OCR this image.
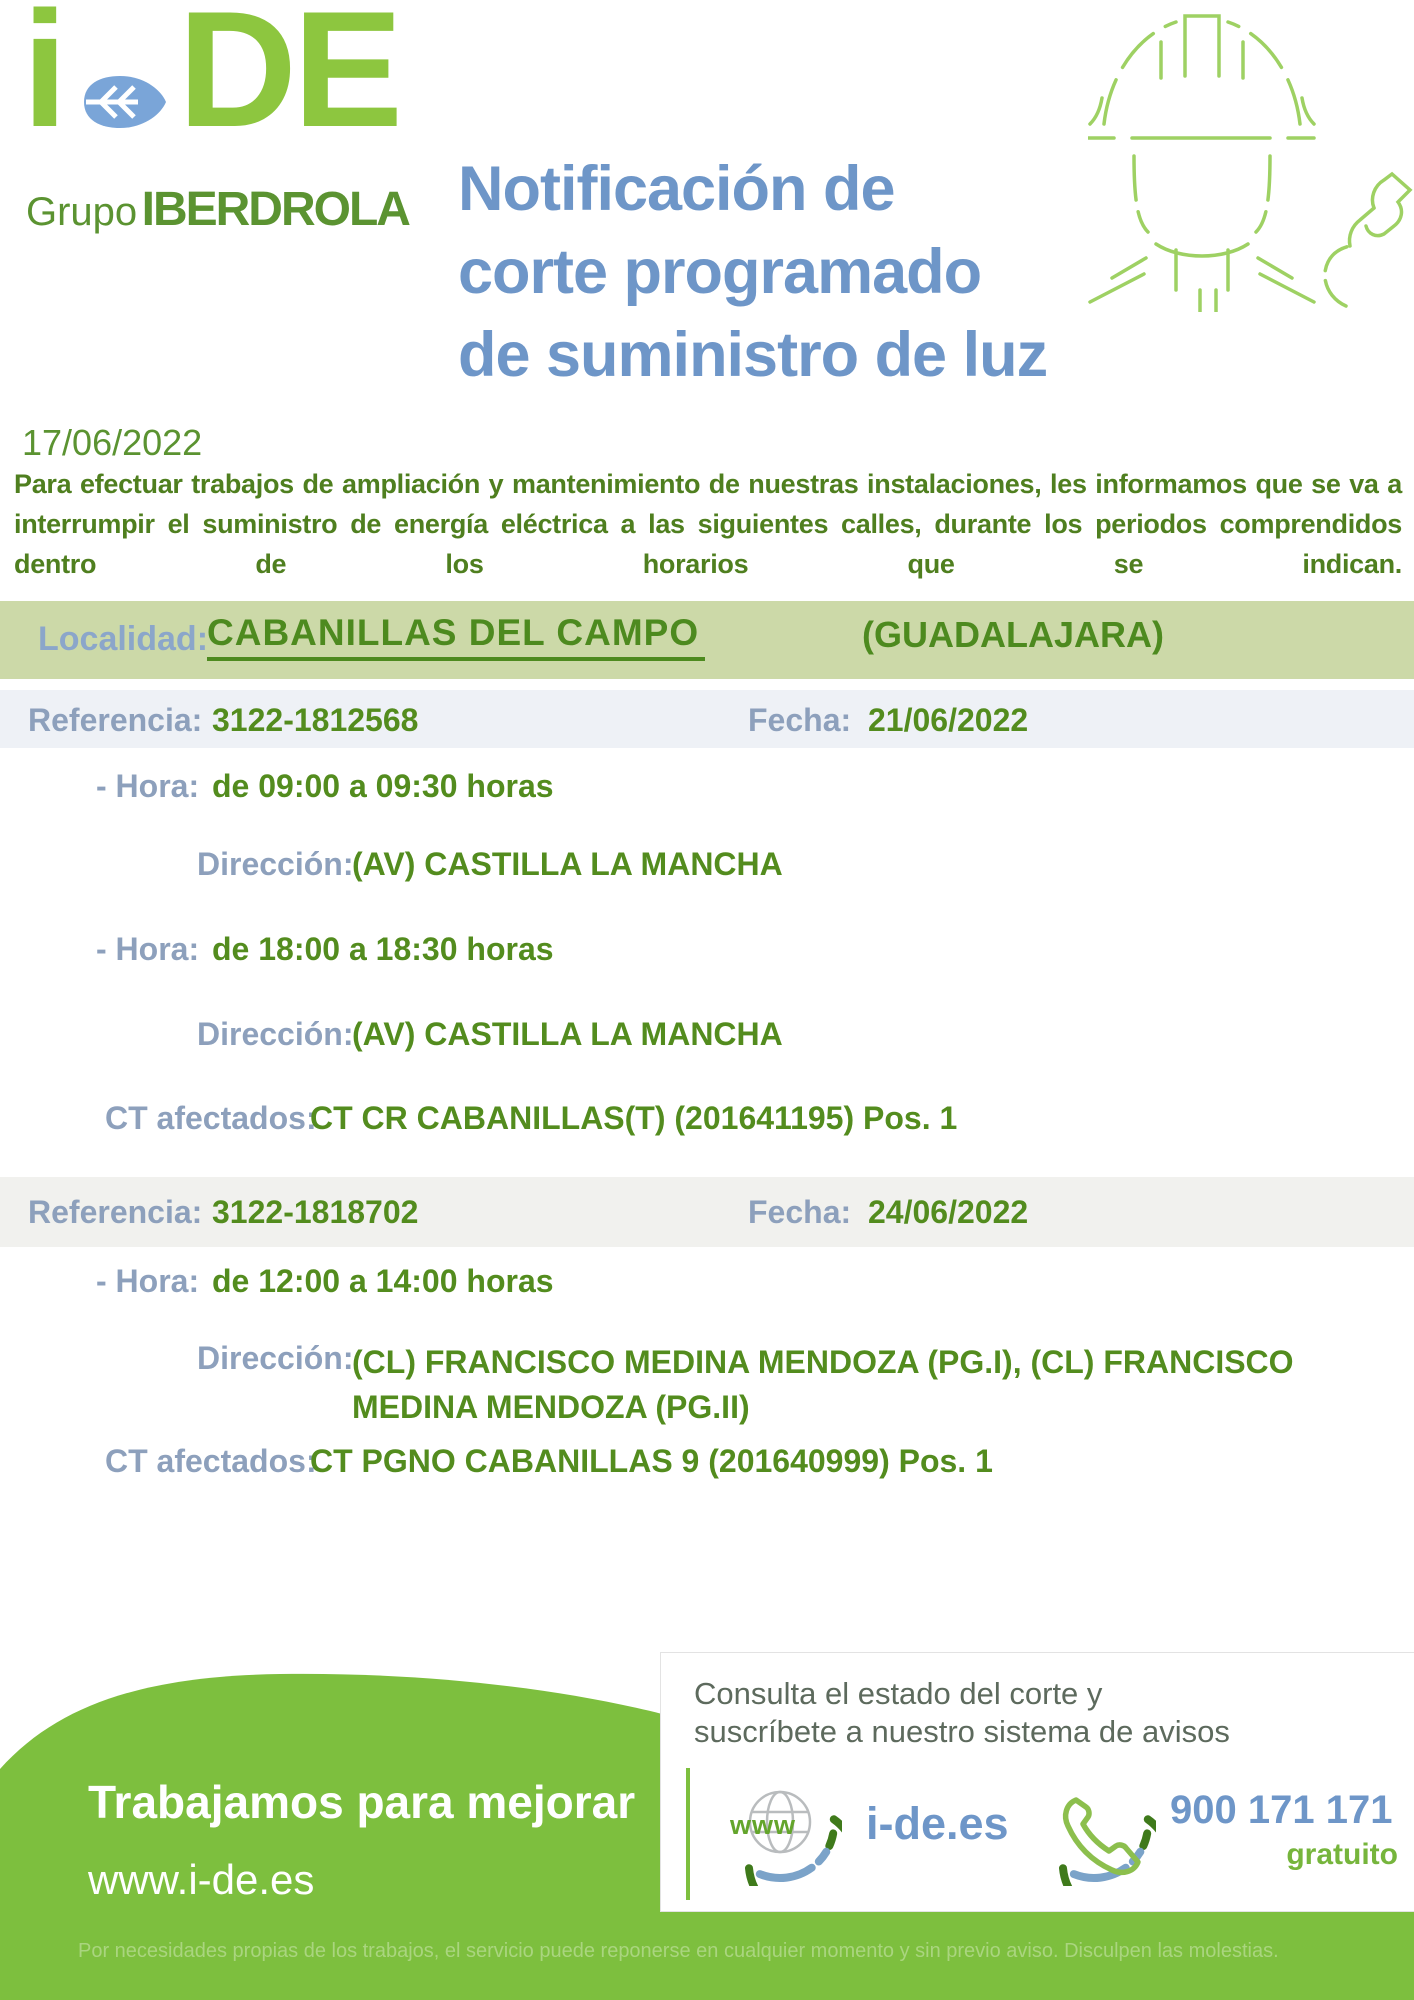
i DE
Grupo IBERDROLA Notificación de
corte programado
de suministro de luz
17/06/2022
Para efectuar trabajos de ampliación y mantenimiento de nuestras instalaciones, les informamos que se va a interrumpir el suministro de energía eléctrica a las siguientes calles, durante los periodos comprendidos dentro de los horarios que se indican.
Localidad:
CABANILLAS DEL CAMPO	(GUADALAJARA)
Referencia: 3122-1812568	Fecha: 21/06/2022
- Hora: de 09:00 a 09:30 horas
Dirección:
(AV) CASTILLA LA MANCHA
- Hora: de 18:00 a 18:30 horas
Dirección:
(AV) CASTILLA LA MANCHA
CT afectados:
CT CR CABANILLAS(T) (201641195) Pos. 1
Referencia: 3122-1818702	Fecha: 24/06/2022
- Hora: de 12:00 a 14:00 horas
Dirección:
(CL) FRANCISCO MEDINA MENDOZA (PG.I), (CL) FRANCISCO MEDINA MENDOZA (PG.II)
CT afectados:
CT PGNO CABANILLAS 9 (201640999) Pos. 1
Trabajamos para mejorar
www.i-de.es
Consulta el estado del corte y
suscríbete a nuestro sistema de avisos
www i-de.es	900 171 171
gratuito
Por necesidades propias de los trabajos, el servicio puede reponerse en cualquier momento y sin previo aviso. Disculpen las molestias.
